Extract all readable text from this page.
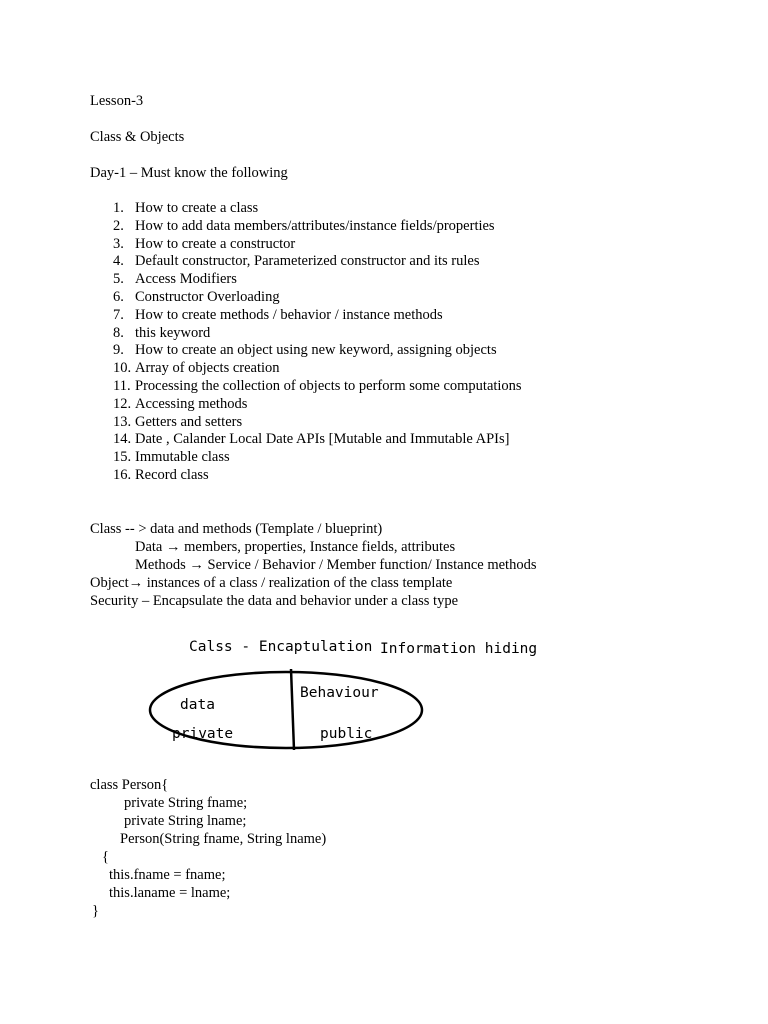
Lesson-3
Class & Objects
Day-1 – Must know the following
1. How to create a class
2. How to add data members/attributes/instance fields/properties
3. How to create a constructor
4. Default constructor, Parameterized constructor and its rules
5. Access Modifiers
6. Constructor Overloading
7. How to create methods / behavior / instance methods
8. this keyword
9. How to create an object using new keyword, assigning objects
10. Array of objects creation
11. Processing the collection of objects to perform some computations
12. Accessing methods
13. Getters and setters
14. Date , Calander Local Date APIs [Mutable and Immutable APIs]
15. Immutable class
16. Record class
Class -- > data and methods (Template / blueprint)
Data → members, properties, Instance fields, attributes
Methods → Service / Behavior / Member function/ Instance methods
Object→ instances of a class / realization of the class template
Security – Encapsulate the data and behavior under a class type
Calss - Encaptulation Information hiding
data
private
Behaviour
public
class Person{
private String fname;
private String lname;
Person(String fname, String lname)
{
this.fname = fname;
this.laname = lname;
}
